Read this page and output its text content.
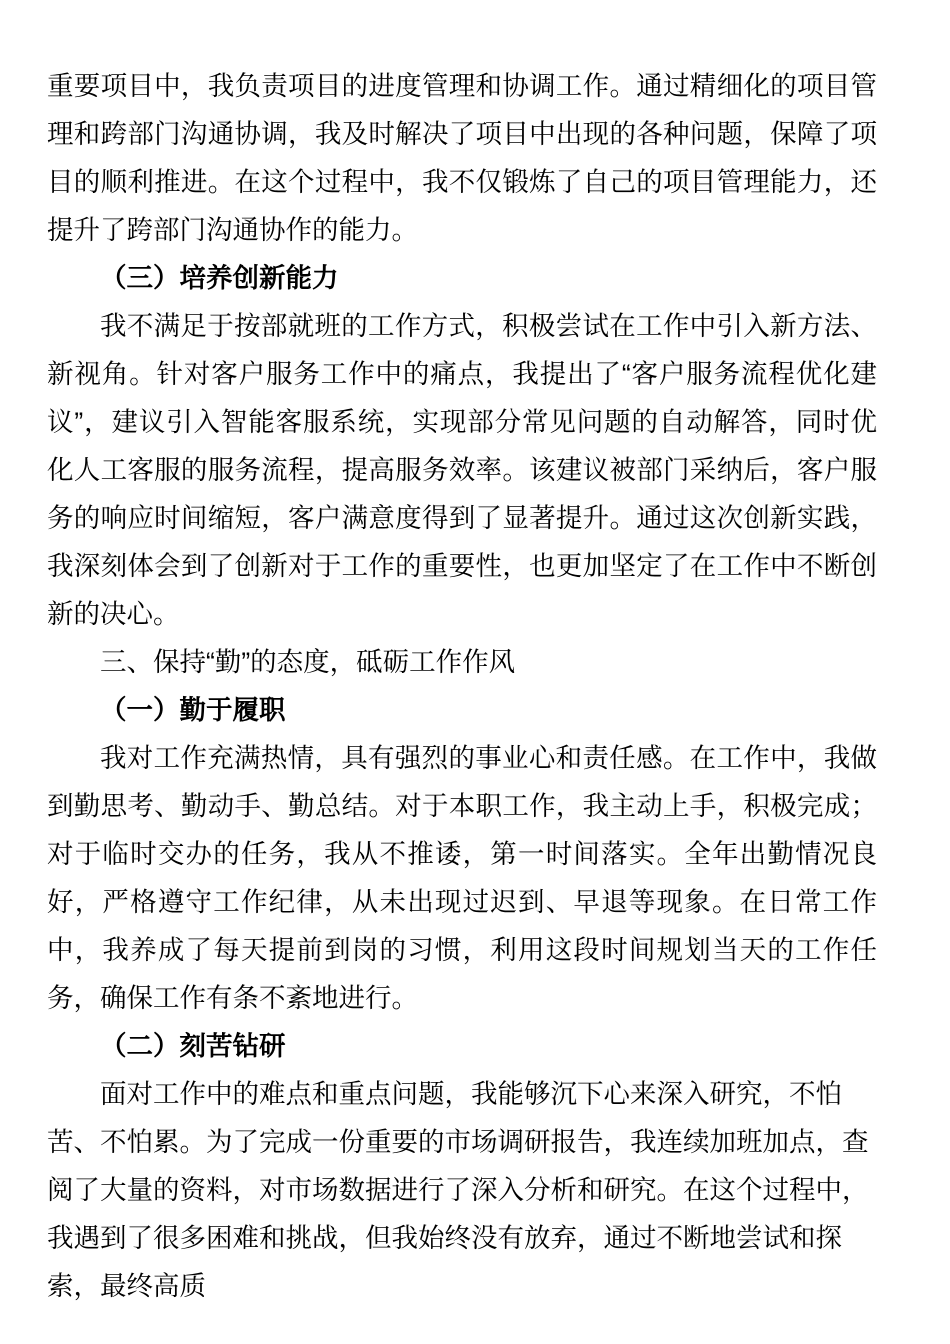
重要项目中，我负责项目的进度管理和协调工作。通过精细化的项目管理和跨部门沟通协调，我及时解决了项目中出现的各种问题，保障了项目的顺利推进。在这个过程中，我不仅锻炼了自己的项目管理能力，还提升了跨部门沟通协作的能力。

（三）培养创新能力

我不满足于按部就班的工作方式，积极尝试在工作中引入新方法、新视角。针对客户服务工作中的痛点，我提出了“客户服务流程优化建议”，建议引入智能客服系统，实现部分常见问题的自动解答，同时优化人工客服的服务流程，提高服务效率。该建议被部门采纳后，客户服务的响应时间缩短，客户满意度得到了显著提升。通过这次创新实践，我深刻体会到了创新对于工作的重要性，也更加坚定了在工作中不断创新的决心。

三、保持“勤”的态度，砥砺工作作风

（一）勤于履职

我对工作充满热情，具有强烈的事业心和责任感。在工作中，我做到勤思考、勤动手、勤总结。对于本职工作，我主动上手，积极完成；对于临时交办的任务，我从不推诿，第一时间落实。全年出勤情况良好，严格遵守工作纪律，从未出现过迟到、早退等现象。在日常工作中，我养成了每天提前到岗的习惯，利用这段时间规划当天的工作任务，确保工作有条不紊地进行。

（二）刻苦钻研

面对工作中的难点和重点问题，我能够沉下心来深入研究，不怕苦、不怕累。为了完成一份重要的市场调研报告，我连续加班加点，查阅了大量的资料，对市场数据进行了深入分析和研究。在这个过程中，我遇到了很多困难和挑战，但我始终没有放弃，通过不断地尝试和探索，最终高质
